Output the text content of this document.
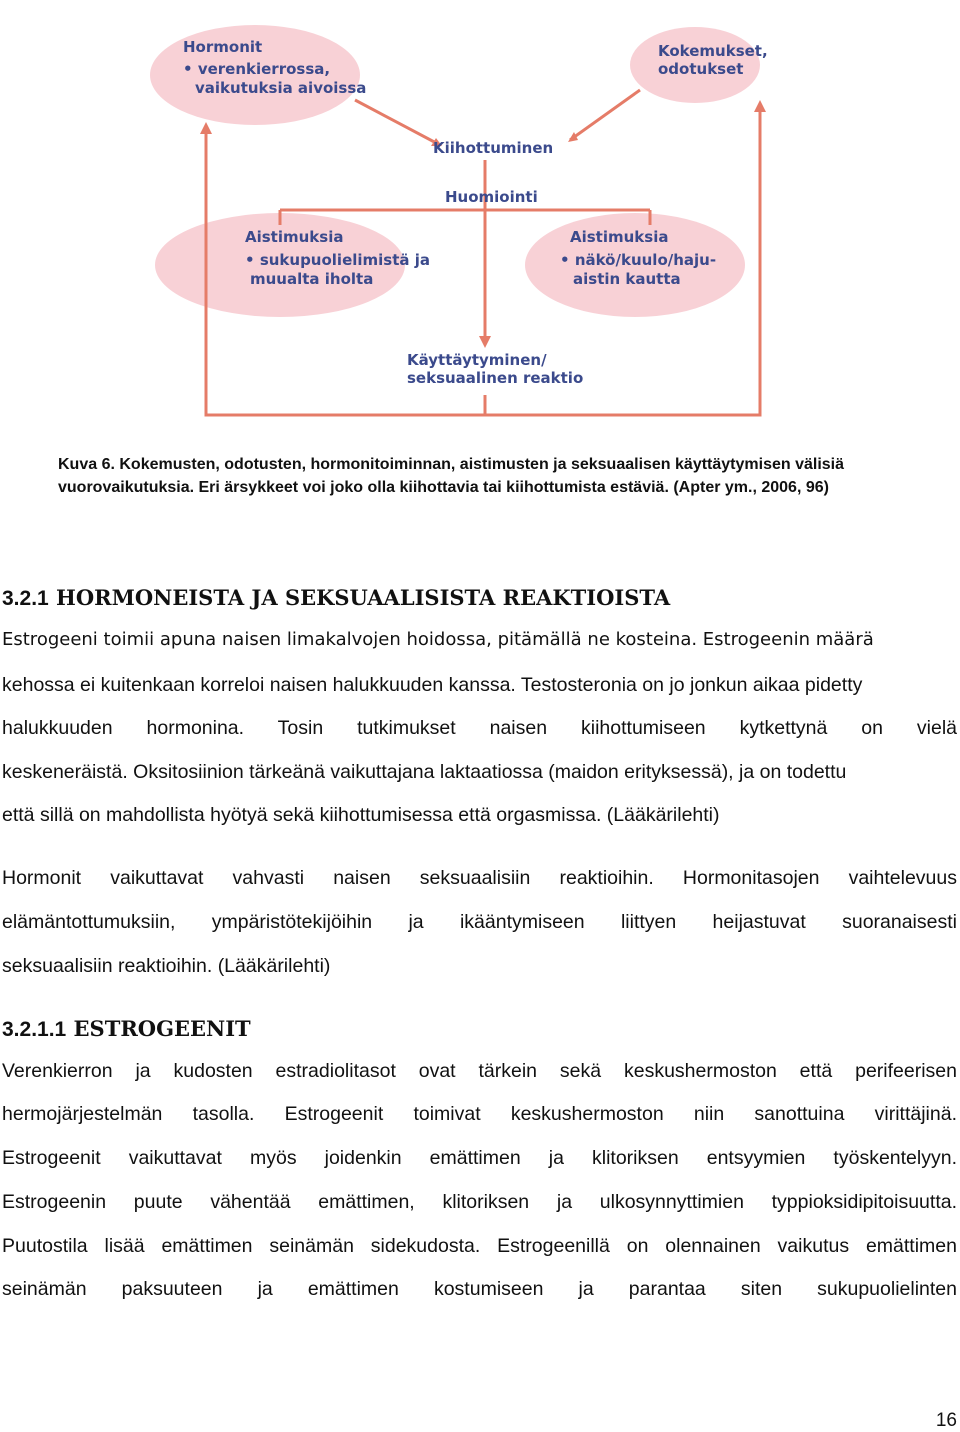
Hormonit
• verenkierrossa,
vaikutuksia aivoissa
Kokemukset,
odotukset
Kiihottuminen
Huomiointi
Aistimuksia
• sukupuolielimistä ja
muualta iholta
Aistimuksia
• näkö/kuulo/haju-
aistin kautta
Käyttäytyminen/
seksuaalinen reaktio
Kuva 6. Kokemusten, odotusten, hormonitoiminnan, aistimusten ja seksuaalisen käyttäytymisen välisiä
vuorovaikutuksia. Eri ärsykkeet voi joko olla kiihottavia tai kiihottumista estäviä. (Apter ym., 2006, 96)
3.2.1 HORMONEISTA JA SEKSUAALISISTA REAKTIOISTA
Estrogeeni toimii apuna naisen limakalvojen hoidossa, pitämällä ne kosteina. Estrogeenin määrä
kehossa ei kuitenkaan korreloi naisen halukkuuden kanssa. Testosteronia on jo jonkun aikaa pidetty
halukkuuden hormonina. Tosin tutkimukset naisen kiihottumiseen kytkettynä on vielä
keskeneräistä. Oksitosiinion tärkeänä vaikuttajana laktaatiossa (maidon erityksessä), ja on todettu
että sillä on mahdollista hyötyä sekä kiihottumisessa että orgasmissa. (Lääkärilehti)
Hormonit vaikuttavat vahvasti naisen seksuaalisiin reaktioihin. Hormonitasojen vaihtelevuus
elämäntottumuksiin, ympäristötekijöihin ja ikääntymiseen liittyen heijastuvat suoranaisesti
seksuaalisiin reaktioihin. (Lääkärilehti)
3.2.1.1 ESTROGEENIT
Verenkierron ja kudosten estradiolitasot ovat tärkein sekä keskushermoston että perifeerisen
hermojärjestelmän tasolla. Estrogeenit toimivat keskushermoston niin sanottuina virittäjinä.
Estrogeenit vaikuttavat myös joidenkin emättimen ja klitoriksen entsyymien työskentelyyn.
Estrogeenin puute vähentää emättimen, klitoriksen ja ulkosynnyttimien typpioksidipitoisuutta.
Puutostila lisää emättimen seinämän sidekudosta. Estrogeenillä on olennainen vaikutus emättimen
seinämän paksuuteen ja emättimen kostumiseen ja parantaa siten sukupuolielinten
16
